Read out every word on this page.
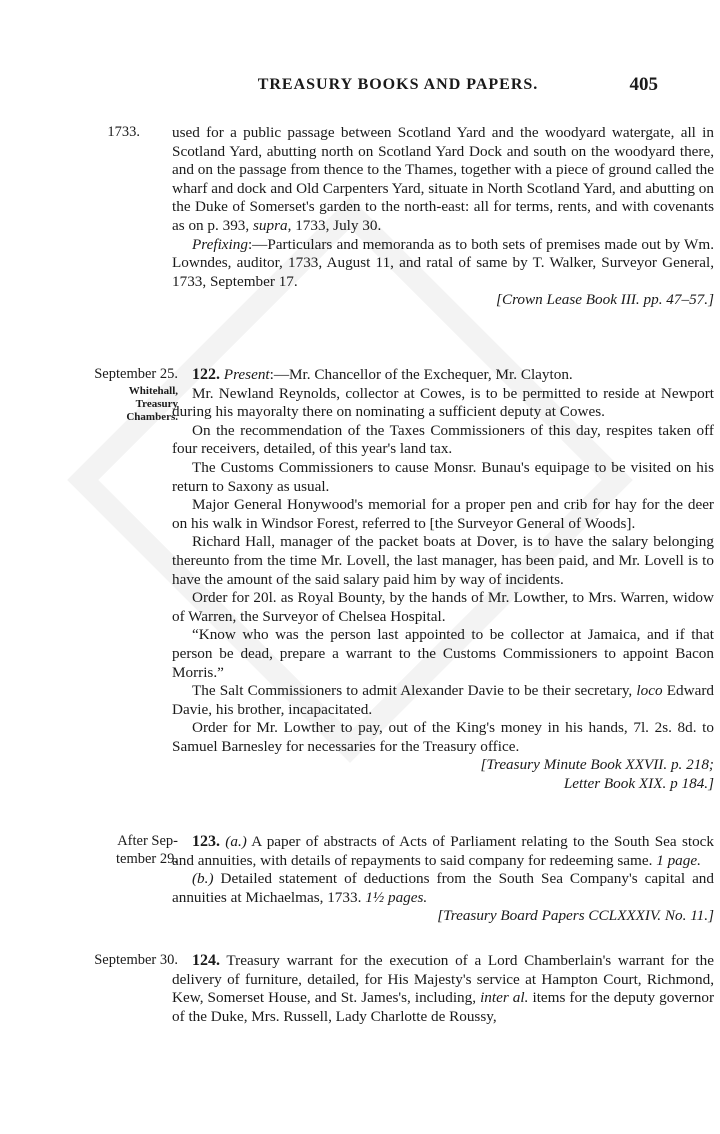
TREASURY BOOKS AND PAPERS.	405
1733. used for a public passage between Scotland Yard and the woodyard watergate, all in Scotland Yard, abutting north on Scotland Yard Dock and south on the woodyard there, and on the passage from thence to the Thames, together with a piece of ground called the wharf and dock and Old Carpenters Yard, situate in North Scotland Yard, and abutting on the Duke of Somerset's garden to the north-east: all for terms, rents, and with covenants as on p. 393, supra, 1733, July 30.

Prefixing:—Particulars and memoranda as to both sets of premises made out by Wm. Lowndes, auditor, 1733, August 11, and ratal of same by T. Walker, Surveyor General, 1733, September 17.
[Crown Lease Book III. pp. 47–57.]

September 25.
Whitehall,
Treasury
Chambers.

122. Present:—Mr. Chancellor of the Exchequer, Mr. Clayton.

Mr. Newland Reynolds, collector at Cowes, is to be permitted to reside at Newport during his mayoralty there on nominating a sufficient deputy at Cowes.

On the recommendation of the Taxes Commissioners of this day, respites taken off four receivers, detailed, of this year's land tax.

The Customs Commissioners to cause Monsr. Bunau's equipage to be visited on his return to Saxony as usual.

Major General Honywood's memorial for a proper pen and crib for hay for the deer on his walk in Windsor Forest, referred to [the Surveyor General of Woods].

Richard Hall, manager of the packet boats at Dover, is to have the salary belonging thereunto from the time Mr. Lovell, the last manager, has been paid, and Mr. Lovell is to have the amount of the said salary paid him by way of incidents.

Order for 20l. as Royal Bounty, by the hands of Mr. Lowther, to Mrs. Warren, widow of Warren, the Surveyor of Chelsea Hospital.

“Know who was the person last appointed to be collector at Jamaica, and if that person be dead, prepare a warrant to the Customs Commissioners to appoint Bacon Morris.”

The Salt Commissioners to admit Alexander Davie to be their secretary, loco Edward Davie, his brother, incapacitated.

Order for Mr. Lowther to pay, out of the King's money in his hands, 7l. 2s. 8d. to Samuel Barnesley for necessaries for the Treasury office.

[Treasury Minute Book XXVII. p. 218;
Letter Book XIX. p 184.]
After Sep-
tember 29.

123. (a.) A paper of abstracts of Acts of Parliament relating to the South Sea stock and annuities, with details of repayments to said company for redeeming same. 1 page.

(b.) Detailed statement of deductions from the South Sea Company's capital and annuities at Michaelmas, 1733. 1½ pages.

[Treasury Board Papers CCLXXXIV. No. 11.]
September 30. 124. Treasury warrant for the execution of a Lord Chamberlain's warrant for the delivery of furniture, detailed, for His Majesty's service at Hampton Court, Richmond, Kew, Somerset House, and St. James's, including, inter al. items for the deputy governor of the Duke, Mrs. Russell, Lady Charlotte de Roussy,
